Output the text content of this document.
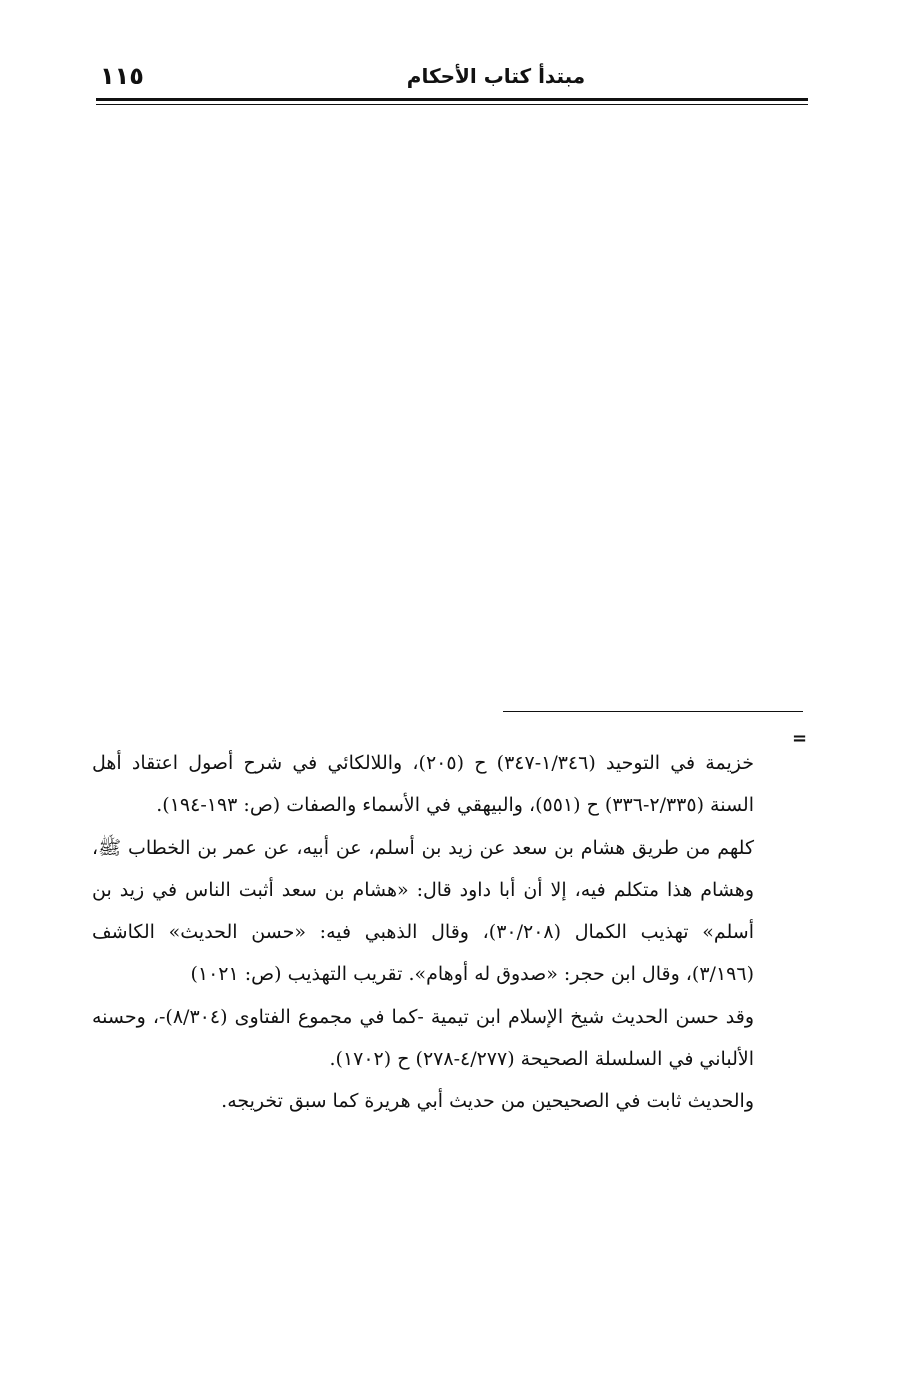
١١٥	مبتدأ كتاب الأحكام
=

خزيمة في التوحيد (١/٣٤٦-٣٤٧) ح (٢٠٥)، واللالكائي في شرح أصول اعتقاد أهل السنة (٢/٣٣٥-٣٣٦) ح (٥٥١)، والبيهقي في الأسماء والصفات (ص: ١٩٣-١٩٤).

كلهم من طريق هشام بن سعد عن زيد بن أسلم، عن أبيه، عن عمر بن الخطاب ﷺ، وهشام هذا متكلم فيه، إلا أن أبا داود قال: «هشام بن سعد أثبت الناس في زيد بن أسلم» تهذيب الكمال (٣٠/٢٠٨)، وقال الذهبي فيه: «حسن الحديث» الكاشف (٣/١٩٦)، وقال ابن حجر: «صدوق له أوهام». تقريب التهذيب (ص: ١٠٢١)

وقد حسن الحديث شيخ الإسلام ابن تيمية -كما في مجموع الفتاوى (٨/٣٠٤)-، وحسنه الألباني في السلسلة الصحيحة (٤/٢٧٧-٢٧٨) ح (١٧٠٢).

والحديث ثابت في الصحيحين من حديث أبي هريرة كما سبق تخريجه.
